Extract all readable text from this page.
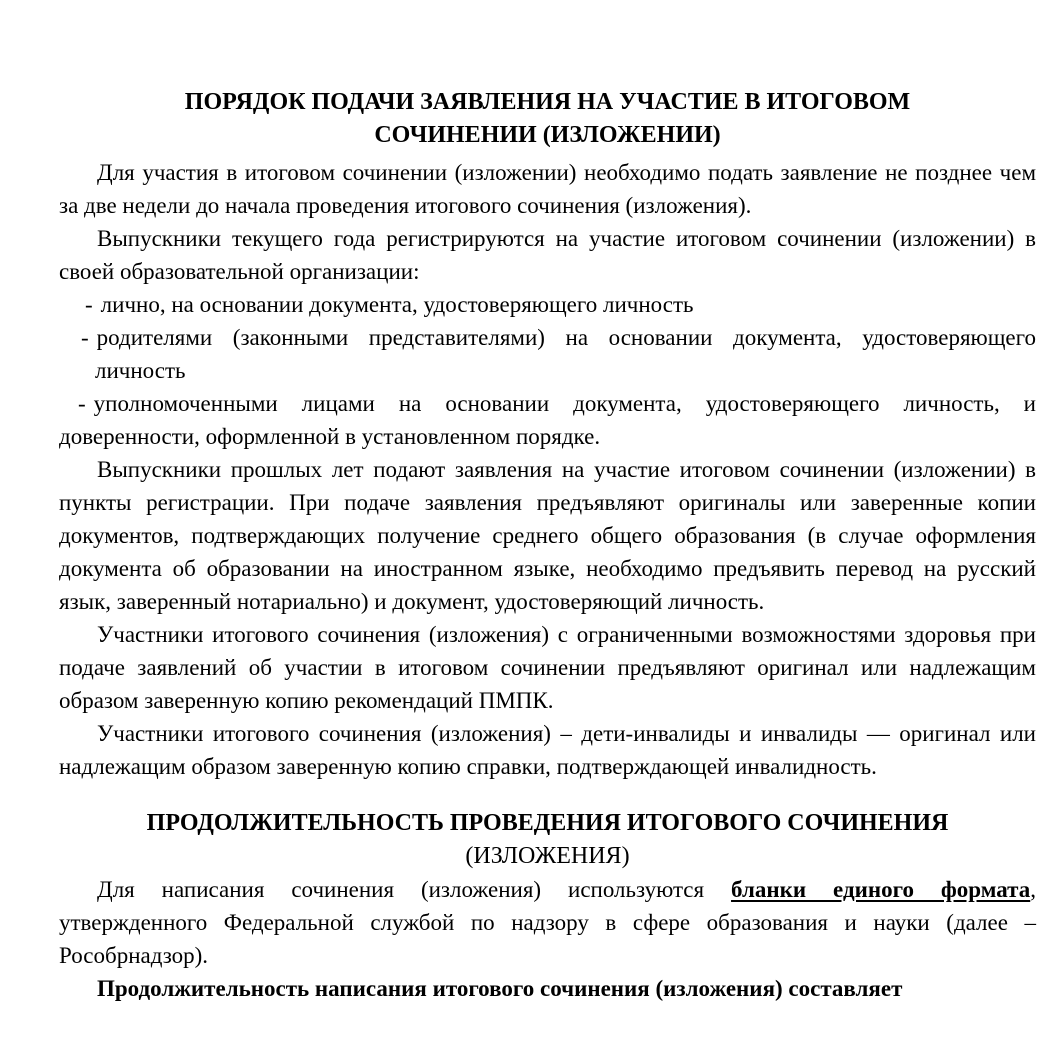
ПОРЯДОК ПОДАЧИ ЗАЯВЛЕНИЯ НА УЧАСТИЕ В ИТОГОВОМ СОЧИНЕНИИ (ИЗЛОЖЕНИИ)

Для участия в итоговом сочинении (изложении) необходимо подать заявление не позднее чем за две недели до начала проведения итогового сочинения (изложения).

Выпускники текущего года регистрируются на участие итоговом сочинении (изложении) в своей образовательной организации:

- лично, на основании документа, удостоверяющего личность
- родителями (законными представителями) на основании документа, удостоверяющего личность
- уполномоченными лицами на основании документа, удостоверяющего личность, и доверенности, оформленной в установленном порядке.

Выпускники прошлых лет подают заявления на участие итоговом сочинении (изложении) в пункты регистрации. При подаче заявления предъявляют оригиналы или заверенные копии документов, подтверждающих получение среднего общего образования (в случае оформления документа об образовании на иностранном языке, необходимо предъявить перевод на русский язык, заверенный нотариально) и документ, удостоверяющий личность.

Участники итогового сочинения (изложения) с ограниченными возможностями здоровья при подаче заявлений об участии в итоговом сочинении предъявляют оригинал или надлежащим образом заверенную копию рекомендаций ПМПК.

Участники итогового сочинения (изложения) – дети-инвалиды и инвалиды — оригинал или надлежащим образом заверенную копию справки, подтверждающей инвалидность.

ПРОДОЛЖИТЕЛЬНОСТЬ ПРОВЕДЕНИЯ ИТОГОВОГО СОЧИНЕНИЯ
(ИЗЛОЖЕНИЯ)

Для написания сочинения (изложения) используются бланки единого формата, утвержденного Федеральной службой по надзору в сфере образования и науки (далее – Рособрнадзор).

Продолжительность написания итогового сочинения (изложения) составляет
